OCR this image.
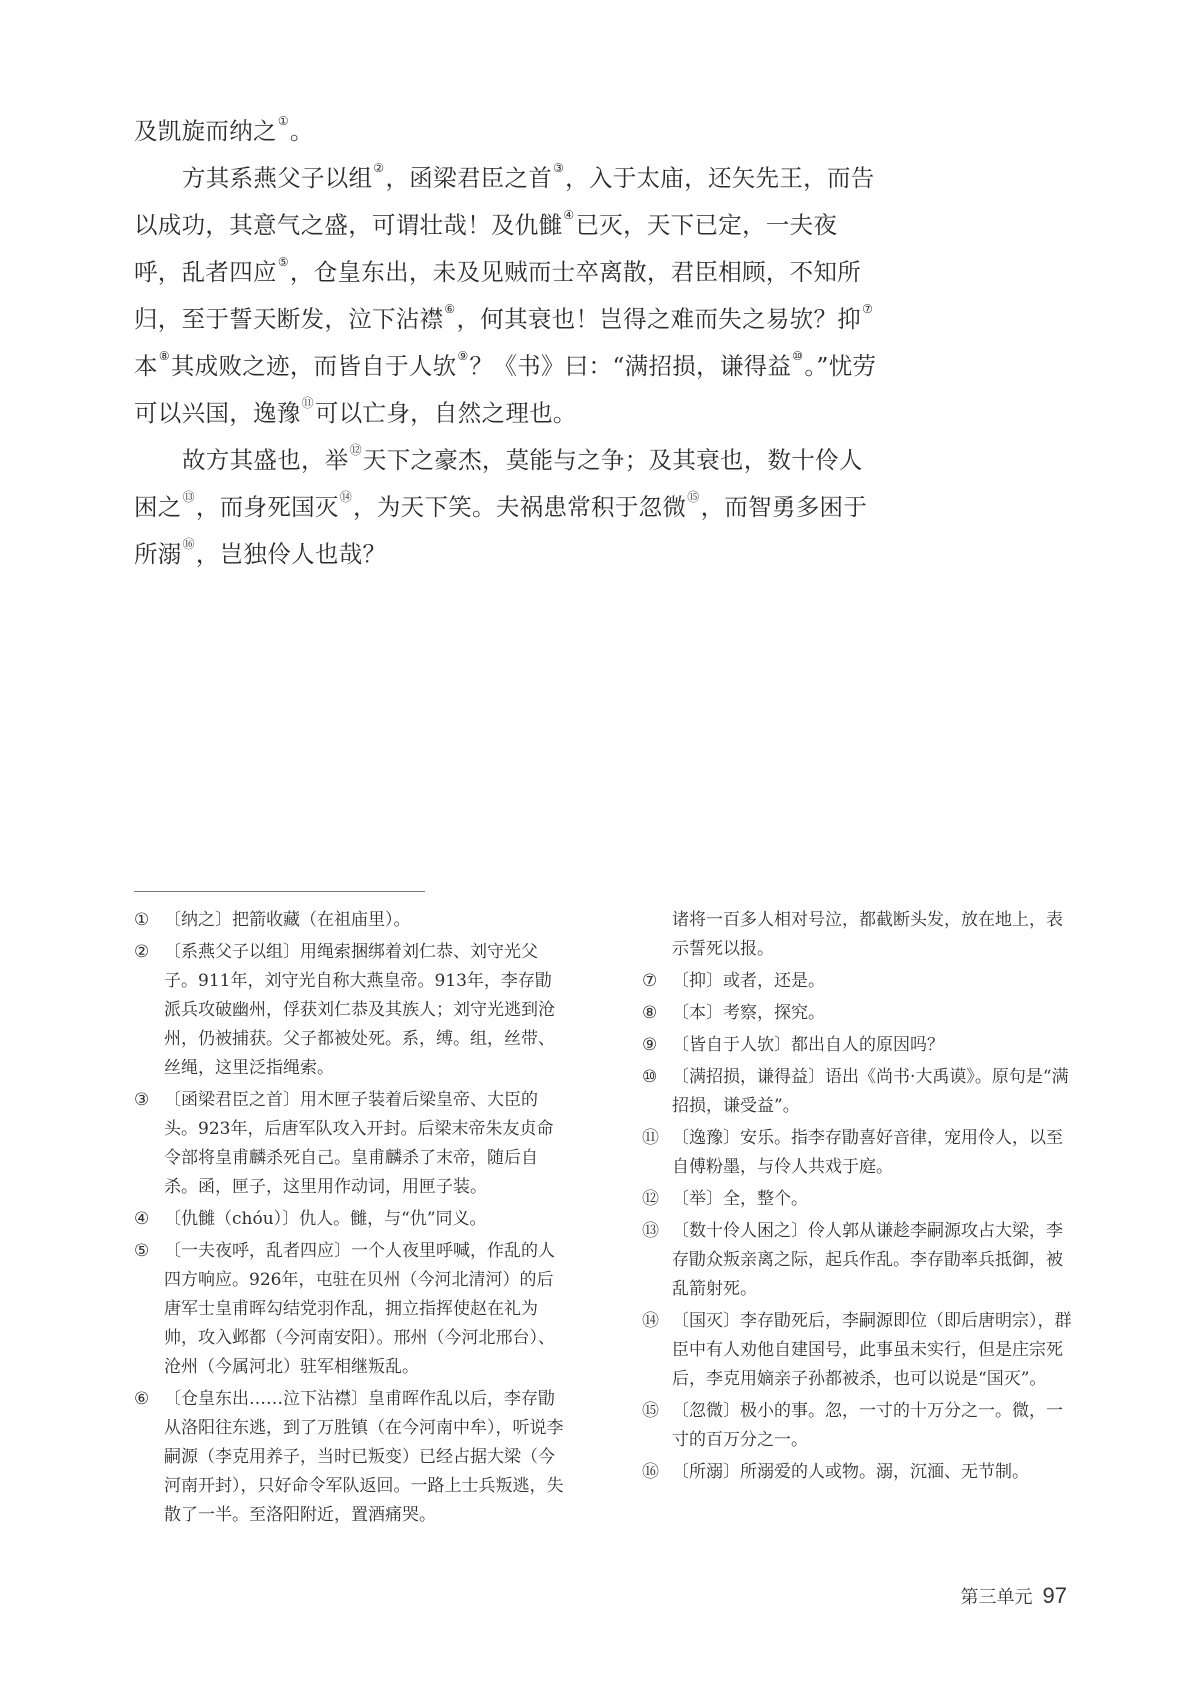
及凯旋而纳之①。

方其系燕父子以组②，函梁君臣之首③，入于太庙，还矢先王，而告以成功，其意气之盛，可谓壮哉！及仇雠④已灭，天下已定，一夫夜呼，乱者四应⑤，仓皇东出，未及见贼而士卒离散，君臣相顾，不知所归，至于誓天断发，泣下沾襟⑥，何其衰也！岂得之难而失之易欤？抑⑦本⑧其成败之迹，而皆自于人欤⑨？《书》曰：“满招损，谦得益⑩。”忧劳可以兴国，逸豫⑪可以亡身，自然之理也。

故方其盛也，举⑫天下之豪杰，莫能与之争；及其衰也，数十伶人困之⑬，而身死国灭⑭，为天下笑。夫祸患常积于忽微⑮，而智勇多困于所溺⑯，岂独伶人也哉？

① 〔纳之〕把箭收藏（在祖庙里）。

② 〔系燕父子以组〕用绳索捆绑着刘仁恭、刘守光父子。911年，刘守光自称大燕皇帝。913年，李存勖派兵攻破幽州，俘获刘仁恭及其族人；刘守光逃到沧州，仍被捕获。父子都被处死。系，缚。组，丝带、丝绳，这里泛指绳索。

③ 〔函梁君臣之首〕用木匣子装着后梁皇帝、大臣的头。923年，后唐军队攻入开封。后梁末帝朱友贞命令部将皇甫麟杀死自己。皇甫麟杀了末帝，随后自杀。函，匣子，这里用作动词，用匣子装。

④ 〔仇雠（chóu）〕仇人。雠，与“仇”同义。

⑤ 〔一夫夜呼，乱者四应〕一个人夜里呼喊，作乱的人四方响应。926年，屯驻在贝州（今河北清河）的后唐军士皇甫晖勾结党羽作乱，拥立指挥使赵在礼为帅，攻入邺都（今河南安阳）。邢州（今河北邢台）、沧州（今属河北）驻军相继叛乱。

⑥ 〔仓皇东出……泣下沾襟〕皇甫晖作乱以后，李存勖从洛阳往东逃，到了万胜镇（在今河南中牟），听说李嗣源（李克用养子，当时已叛变）已经占据大梁（今河南开封），只好命令军队返回。一路上士兵叛逃，失散了一半。至洛阳附近，置酒痛哭。

诸将一百多人相对号泣，都截断头发，放在地上，表示誓死以报。

⑦ 〔抑〕或者，还是。

⑧ 〔本〕考察，探究。

⑨ 〔皆自于人欤〕都出自人的原因吗？

⑩ 〔满招损，谦得益〕语出《尚书·大禹谟》。原句是“满招损，谦受益”。

⑪ 〔逸豫〕安乐。指李存勖喜好音律，宠用伶人，以至自傅粉墨，与伶人共戏于庭。

⑫ 〔举〕全，整个。

⑬ 〔数十伶人困之〕伶人郭从谦趁李嗣源攻占大梁，李存勖众叛亲离之际，起兵作乱。李存勖率兵抵御，被乱箭射死。

⑭ 〔国灭〕李存勖死后，李嗣源即位（即后唐明宗），群臣中有人劝他自建国号，此事虽未实行，但是庄宗死后，李克用嫡亲子孙都被杀，也可以说是“国灭”。

⑮ 〔忽微〕极小的事。忽，一寸的十万分之一。微，一寸的百万分之一。

⑯ 〔所溺〕所溺爱的人或物。溺，沉湎、无节制。

第三单元 97
